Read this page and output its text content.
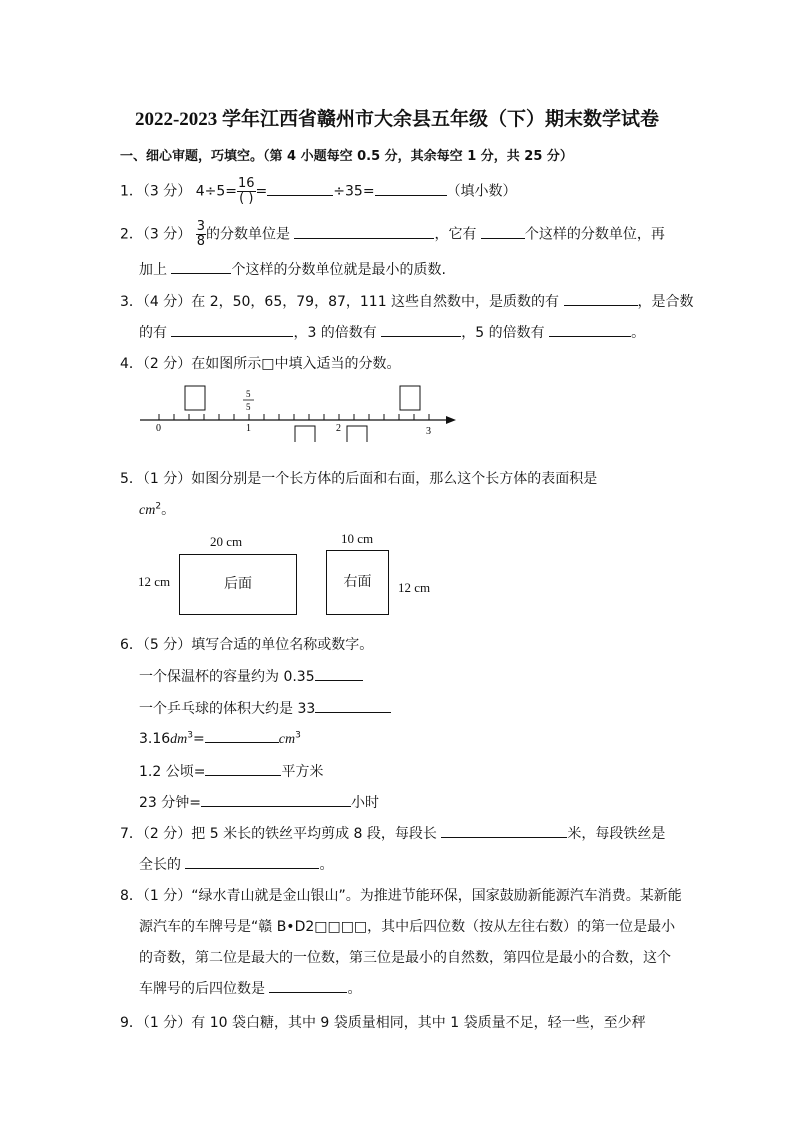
2022-2023 学年江西省赣州市大余县五年级（下）期末数学试卷
一、细心审题，巧填空。（第 4 小题每空 0.5 分，其余每空 1 分，共 25 分）
1．（3 分） $4\div 5= \frac{16}{( )}$ =	÷35=	（填小数）
2．（3 分） $\frac{3}{8}$ 的分数单位是	，它有	个这样的分数单位，再
加上	个这样的分数单位就是最小的质数.
3．（4 分）在 2，50，65，79，87，111 这些自然数中，是质数的有	，是合数
的有	，3 的倍数有	，5 的倍数有	。
4．（2 分）在如图所示□中填入适当的分数。
0	1	2	3
5
5
5．（1 分）如图分别是一个长方体的后面和右面，那么这个长方体的表面积是
$cm^2$。
20 cm
12 cm	后面
10 cm
右面	12 cm
6．（5 分）填写合适的单位名称或数字。
一个保温杯的容量约为 0.35
一个乒乓球的体积大约是 33
$3.16dm^3=$	$cm^3$
1.2 公顷=	平方米
23 分钟=	小时
7．（2 分）把 5 米长的铁丝平均剪成 8 段，每段长	米，每段铁丝是
全长的	。
8．（1 分）“绿水青山就是金山银山”。为推进节能环保，国家鼓励新能源汽车消费。某新能
源汽车的车牌号是“赣 B•D2□□□□，其中后四位数（按从左往右数）的第一位是最小
的奇数，第二位是最大的一位数，第三位是最小的自然数，第四位是最小的合数，这个
车牌号的后四位数是	。
9．（1 分）有 10 袋白糖，其中 9 袋质量相同，其中 1 袋质量不足，轻一些，至少秤
